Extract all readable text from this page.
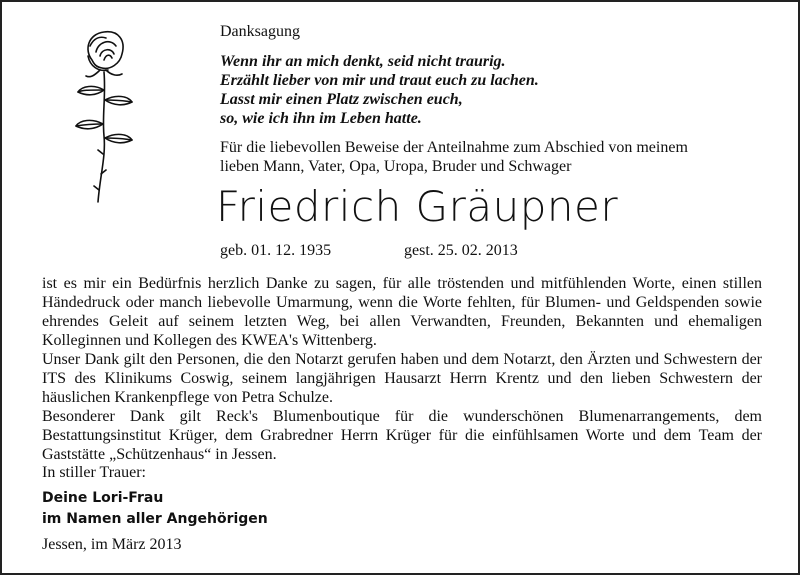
Danksagung
Wenn ihr an mich denkt, seid nicht traurig.
Erzählt lieber von mir und traut euch zu lachen.
Lasst mir einen Platz zwischen euch,
so, wie ich ihn im Leben hatte.
Für die liebevollen Beweise der Anteilnahme zum Abschied von meinem
lieben Mann, Vater, Opa, Uropa, Bruder und Schwager
Friedrich Gräupner
geb. 01. 12. 1935	gest. 25. 02. 2013

ist es mir ein Bedürfnis herzlich Danke zu sagen, für alle tröstenden und mitfühlenden Worte, einen stillen Händedruck oder manch liebevolle Umarmung, wenn die Worte fehlten, für Blumen- und Geldspenden sowie ehrendes Geleit auf seinem letzten Weg, bei allen Verwandten, Freunden, Bekannten und ehemaligen Kolleginnen und Kollegen des KWEA's Wittenberg.

Unser Dank gilt den Personen, die den Notarzt gerufen haben und dem Notarzt, den Ärzten und Schwestern der ITS des Klinikums Coswig, seinem langjährigen Hausarzt Herrn Krentz und den lieben Schwestern der häuslichen Krankenpflege von Petra Schulze.

Besonderer Dank gilt Reck's Blumenboutique für die wunderschönen Blumenarrangements, dem Bestattungsinstitut Krüger, dem Grabredner Herrn Krüger für die einfühlsamen Worte und dem Team der Gaststätte „Schützenhaus“ in Jessen.

In stiller Trauer:
Deine Lori-Frau
im Namen aller Angehörigen
Jessen, im März 2013
